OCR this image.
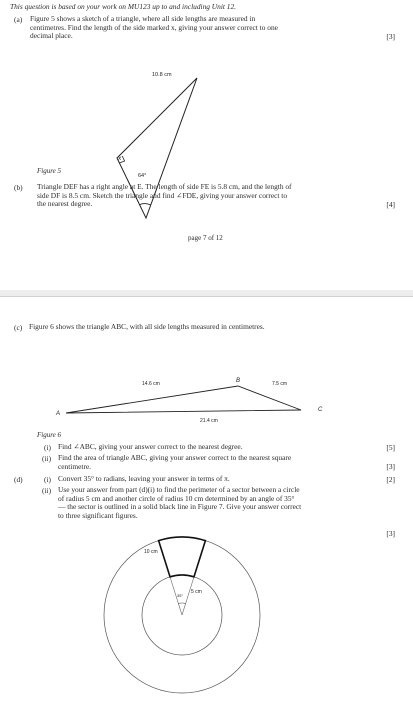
This question is based on your work on MU123 up to and including Unit 12.
(a) Figure 5 shows a sketch of a triangle, where all side lengths are measured in centimetres. Find the length of the side marked x, giving your answer correct to one decimal place.	[3]
10.8 cm
x
64°
Figure 5
(b) Triangle DEF has a right angle at E. The length of side FE is 5.8 cm, and the length of side DF is 8.5 cm. Sketch the triangle and find ∠FDE, giving your answer correct to the nearest degree.	[4]
page 7 of 12
(c) Figure 6 shows the triangle ABC, with all side lengths measured in centimetres.
A
B
C
14.6 cm	7.5 cm
21.4 cm
Figure 6
(i) Find ∠ABC, giving your answer correct to the nearest degree.	[5]
(ii) Find the area of triangle ABC, giving your answer correct to the nearest square centimetre.	[3]
(d)	(i) Convert 35° to radians, leaving your answer in terms of π.	[2]
(ii) Use your answer from part (d)(i) to find the perimeter of a sector between a circle of radius 5 cm and another circle of radius 10 cm determined by an angle of 35° — the sector is outlined in a solid black line in Figure 7. Give your answer correct to three significant figures.
[3]
10 cm
5 cm
35°
